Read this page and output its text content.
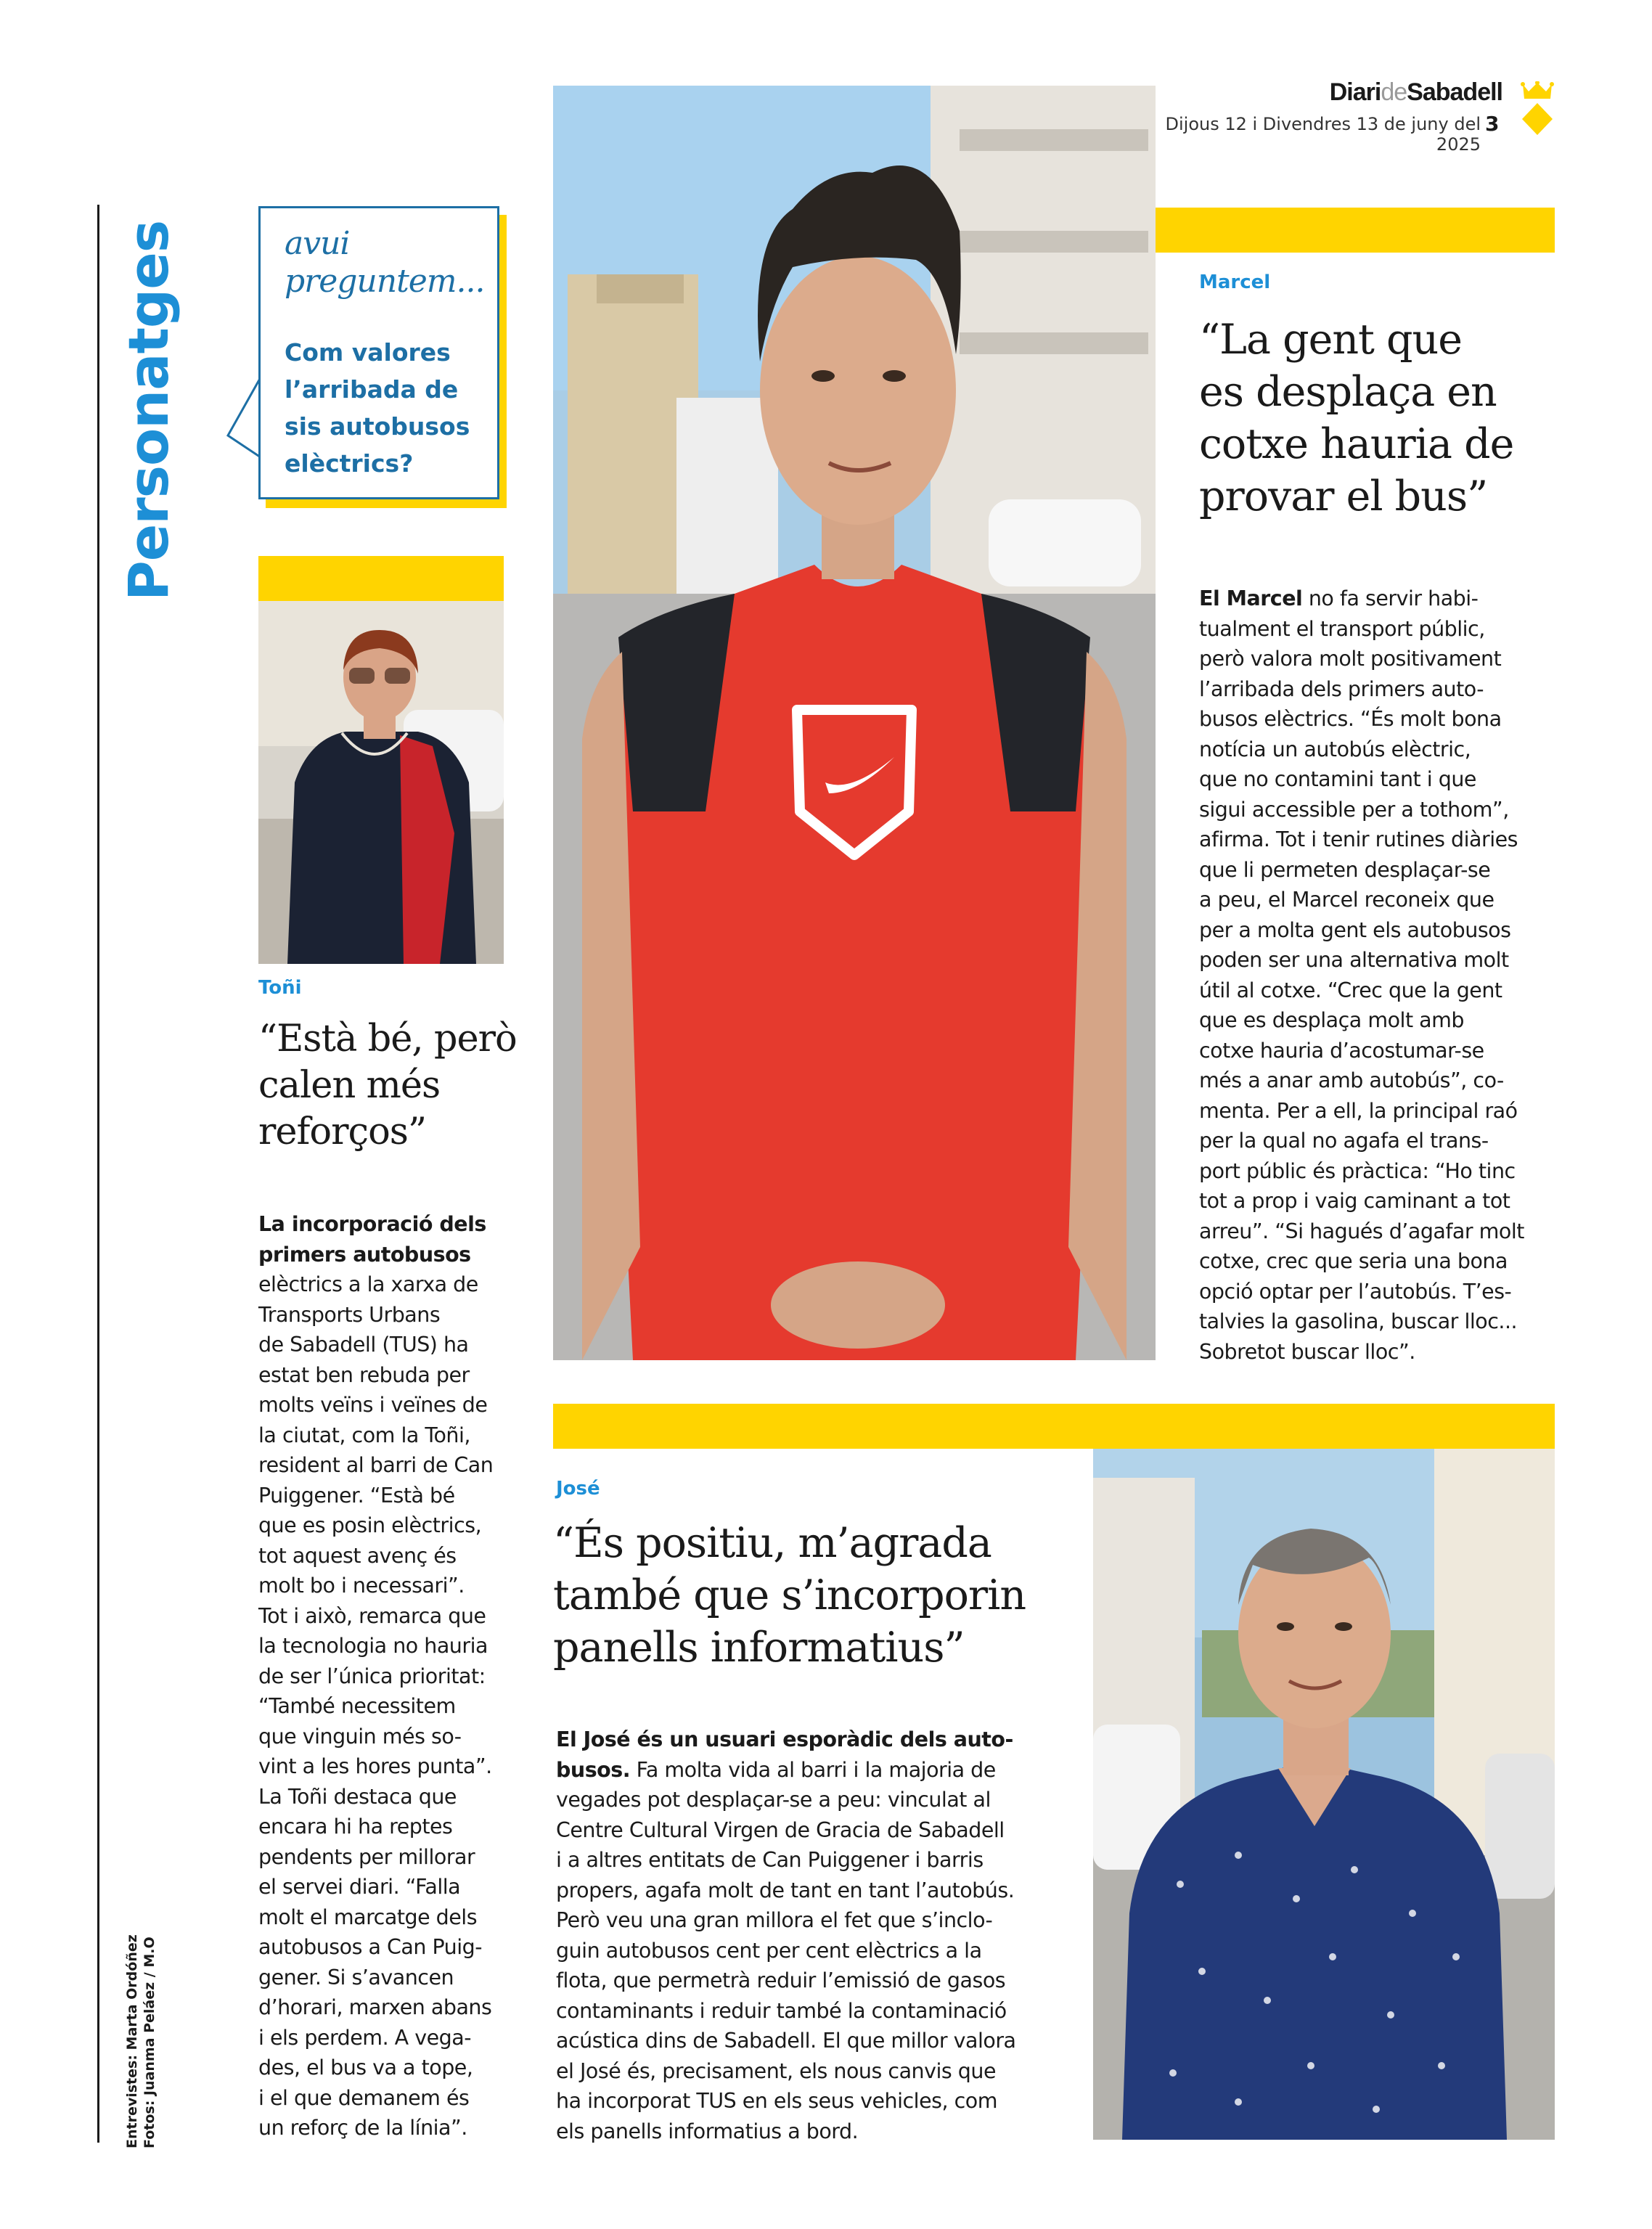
DiarideSabadell
Dijous 12 i Divendres 13 de juny del 2025
3
Personatges
Entrevistes: Marta Ordóñez Fotos: Juanma Peláez / M.O
avui
preguntem...
Com valores l’arribada de sis autobusos elèctrics?
Toñi
“Està bé, però
calen més
reforços”
La incorporació dels
primers autobusos
elèctrics a la xarxa de
Transports Urbans
de Sabadell (TUS) ha
estat ben rebuda per
molts veïns i veïnes de
la ciutat, com la Toñi,
resident al barri de Can
Puiggener. “Està bé
que es posin elèctrics,
tot aquest avenç és
molt bo i necessari”.
Tot i això, remarca que
la tecnologia no hauria
de ser l’única prioritat:
“També necessitem
que vinguin més so-
vint a les hores punta”.
La Toñi destaca que
encara hi ha reptes
pendents per millorar
el servei diari. “Falla
molt el marcatge dels
autobusos a Can Puig-
gener. Si s’avancen
d’horari, marxen abans
i els perdem. A vega-
des, el bus va a tope,
i el que demanem és
un reforç de la línia”.
Marcel
“La gent que
es desplaça en
cotxe hauria de
provar el bus”
El Marcel no fa servir habi-
tualment el transport públic,
però valora molt positivament
l’arribada dels primers auto-
busos elèctrics. “És molt bona
notícia un autobús elèctric,
que no contamini tant i que
sigui accessible per a tothom”,
afirma. Tot i tenir rutines diàries
que li permeten desplaçar-se
a peu, el Marcel reconeix que
per a molta gent els autobusos
poden ser una alternativa molt
útil al cotxe. “Crec que la gent
que es desplaça molt amb
cotxe hauria d’acostumar-se
més a anar amb autobús”, co-
menta. Per a ell, la principal raó
per la qual no agafa el trans-
port públic és pràctica: “Ho tinc
tot a prop i vaig caminant a tot
arreu”. “Si hagués d’agafar molt
cotxe, crec que seria una bona
opció optar per l’autobús. T’es-
talvies la gasolina, buscar lloc...
Sobretot buscar lloc”.
José
“És positiu, m’agrada
també que s’incorporin
panells informatius”
El José és un usuari esporàdic dels auto-
busos. Fa molta vida al barri i la majoria de
vegades pot desplaçar-se a peu: vinculat al
Centre Cultural Virgen de Gracia de Sabadell
i a altres entitats de Can Puiggener i barris
propers, agafa molt de tant en tant l’autobús.
Però veu una gran millora el fet que s’inclo-
guin autobusos cent per cent elèctrics a la
flota, que permetrà reduir l’emissió de gasos
contaminants i reduir també la contaminació
acústica dins de Sabadell. El que millor valora
el José és, precisament, els nous canvis que
ha incorporat TUS en els seus vehicles, com
els panells informatius a bord.
